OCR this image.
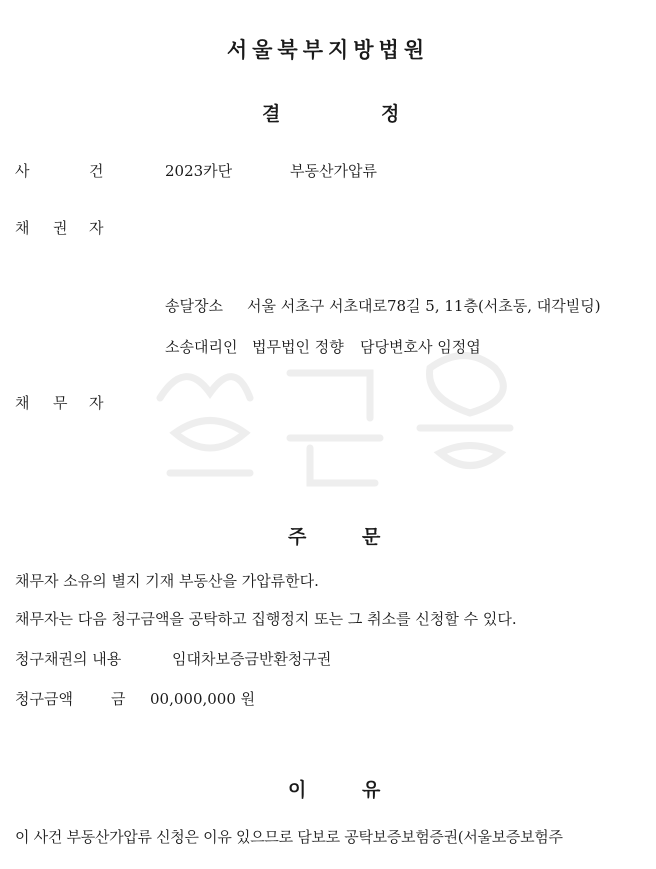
서울북부지방법원
결	정
사	건	2023카단	부동산가압류
채 권 자
송달장소 서울 서초구 서초대로78길 5, 11층(서초동, 대각빌딩)
소송대리인 법무법인 정향 담당변호사 임정엽
채 무 자
주	문
채무자 소유의 별지 기재 부동산을 가압류한다.
채무자는 다음 청구금액을 공탁하고 집행정지 또는 그 취소를 신청할 수 있다.
청구채권의 내용	임대차보증금반환청구권
청구금액	금 00,000,000 원
이	유
이 사건 부동산가압류 신청은 이유 있으므로 담보로 공탁보증보험증권(서울보증보험주
